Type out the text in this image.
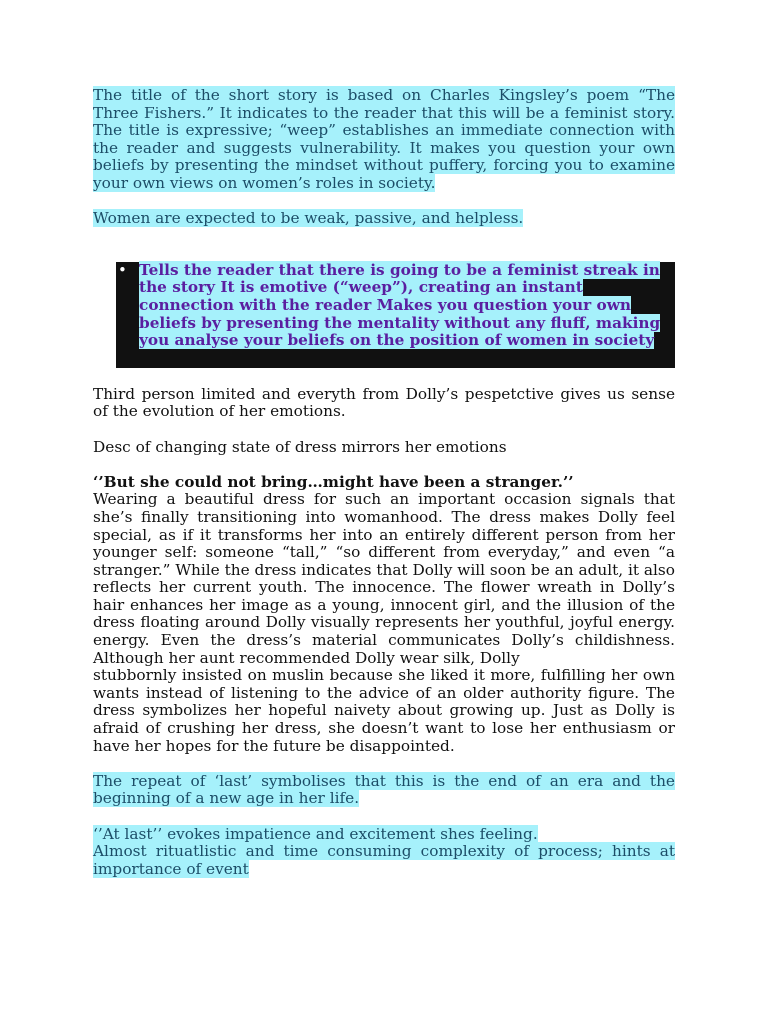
The title of the short story is based on Charles Kingsley’s poem “The Three Fishers.” It indicates to the reader that this will be a feminist story. The title is expressive; “weep” establishes an immediate connection with the reader and suggests vulnerability. It makes you question your own beliefs by presenting the mindset without puffery, forcing you to examine your own views on women’s roles in society.

Women are expected to be weak, passive, and helpless.

• Tells the reader that there is going to be a feminist streak in the story It is emotive (“weep”), creating an instant connection with the reader Makes you question your own beliefs by presenting the mentality without any fluff, making you analyse your beliefs on the position of women in society

Third person limited and everyth from Dolly’s pespetctive gives us sense of the evolution of her emotions.

Desc of changing state of dress mirrors her emotions

‘’But she could not bring…might have been a stranger.’’

Wearing a beautiful dress for such an important occasion signals that she’s finally transitioning into womanhood. The dress makes Dolly feel special, as if it transforms her into an entirely different person from her younger self: someone “tall,” “so different from everyday,” and even “a stranger.” While the dress indicates that Dolly will soon be an adult, it also reflects her current youth. The innocence. The flower wreath in Dolly’s hair enhances her image as a young, innocent girl, and the illusion of the dress floating around Dolly visually represents her youthful, joyful energy. energy. Even the dress’s material communicates Dolly’s childishness. Although her aunt recommended Dolly wear silk, Dolly

stubbornly insisted on muslin because she liked it more, fulfilling her own wants instead of listening to the advice of an older authority figure. The dress symbolizes her hopeful naivety about growing up. Just as Dolly is afraid of crushing her dress, she doesn’t want to lose her enthusiasm or have her hopes for the future be disappointed.

The repeat of ‘last’ symbolises that this is the end of an era and the beginning of a new age in her life.

‘’At last’’ evokes impatience and excitement shes feeling.

Almost rituatlistic and time consuming complexity of process; hints at importance of event
